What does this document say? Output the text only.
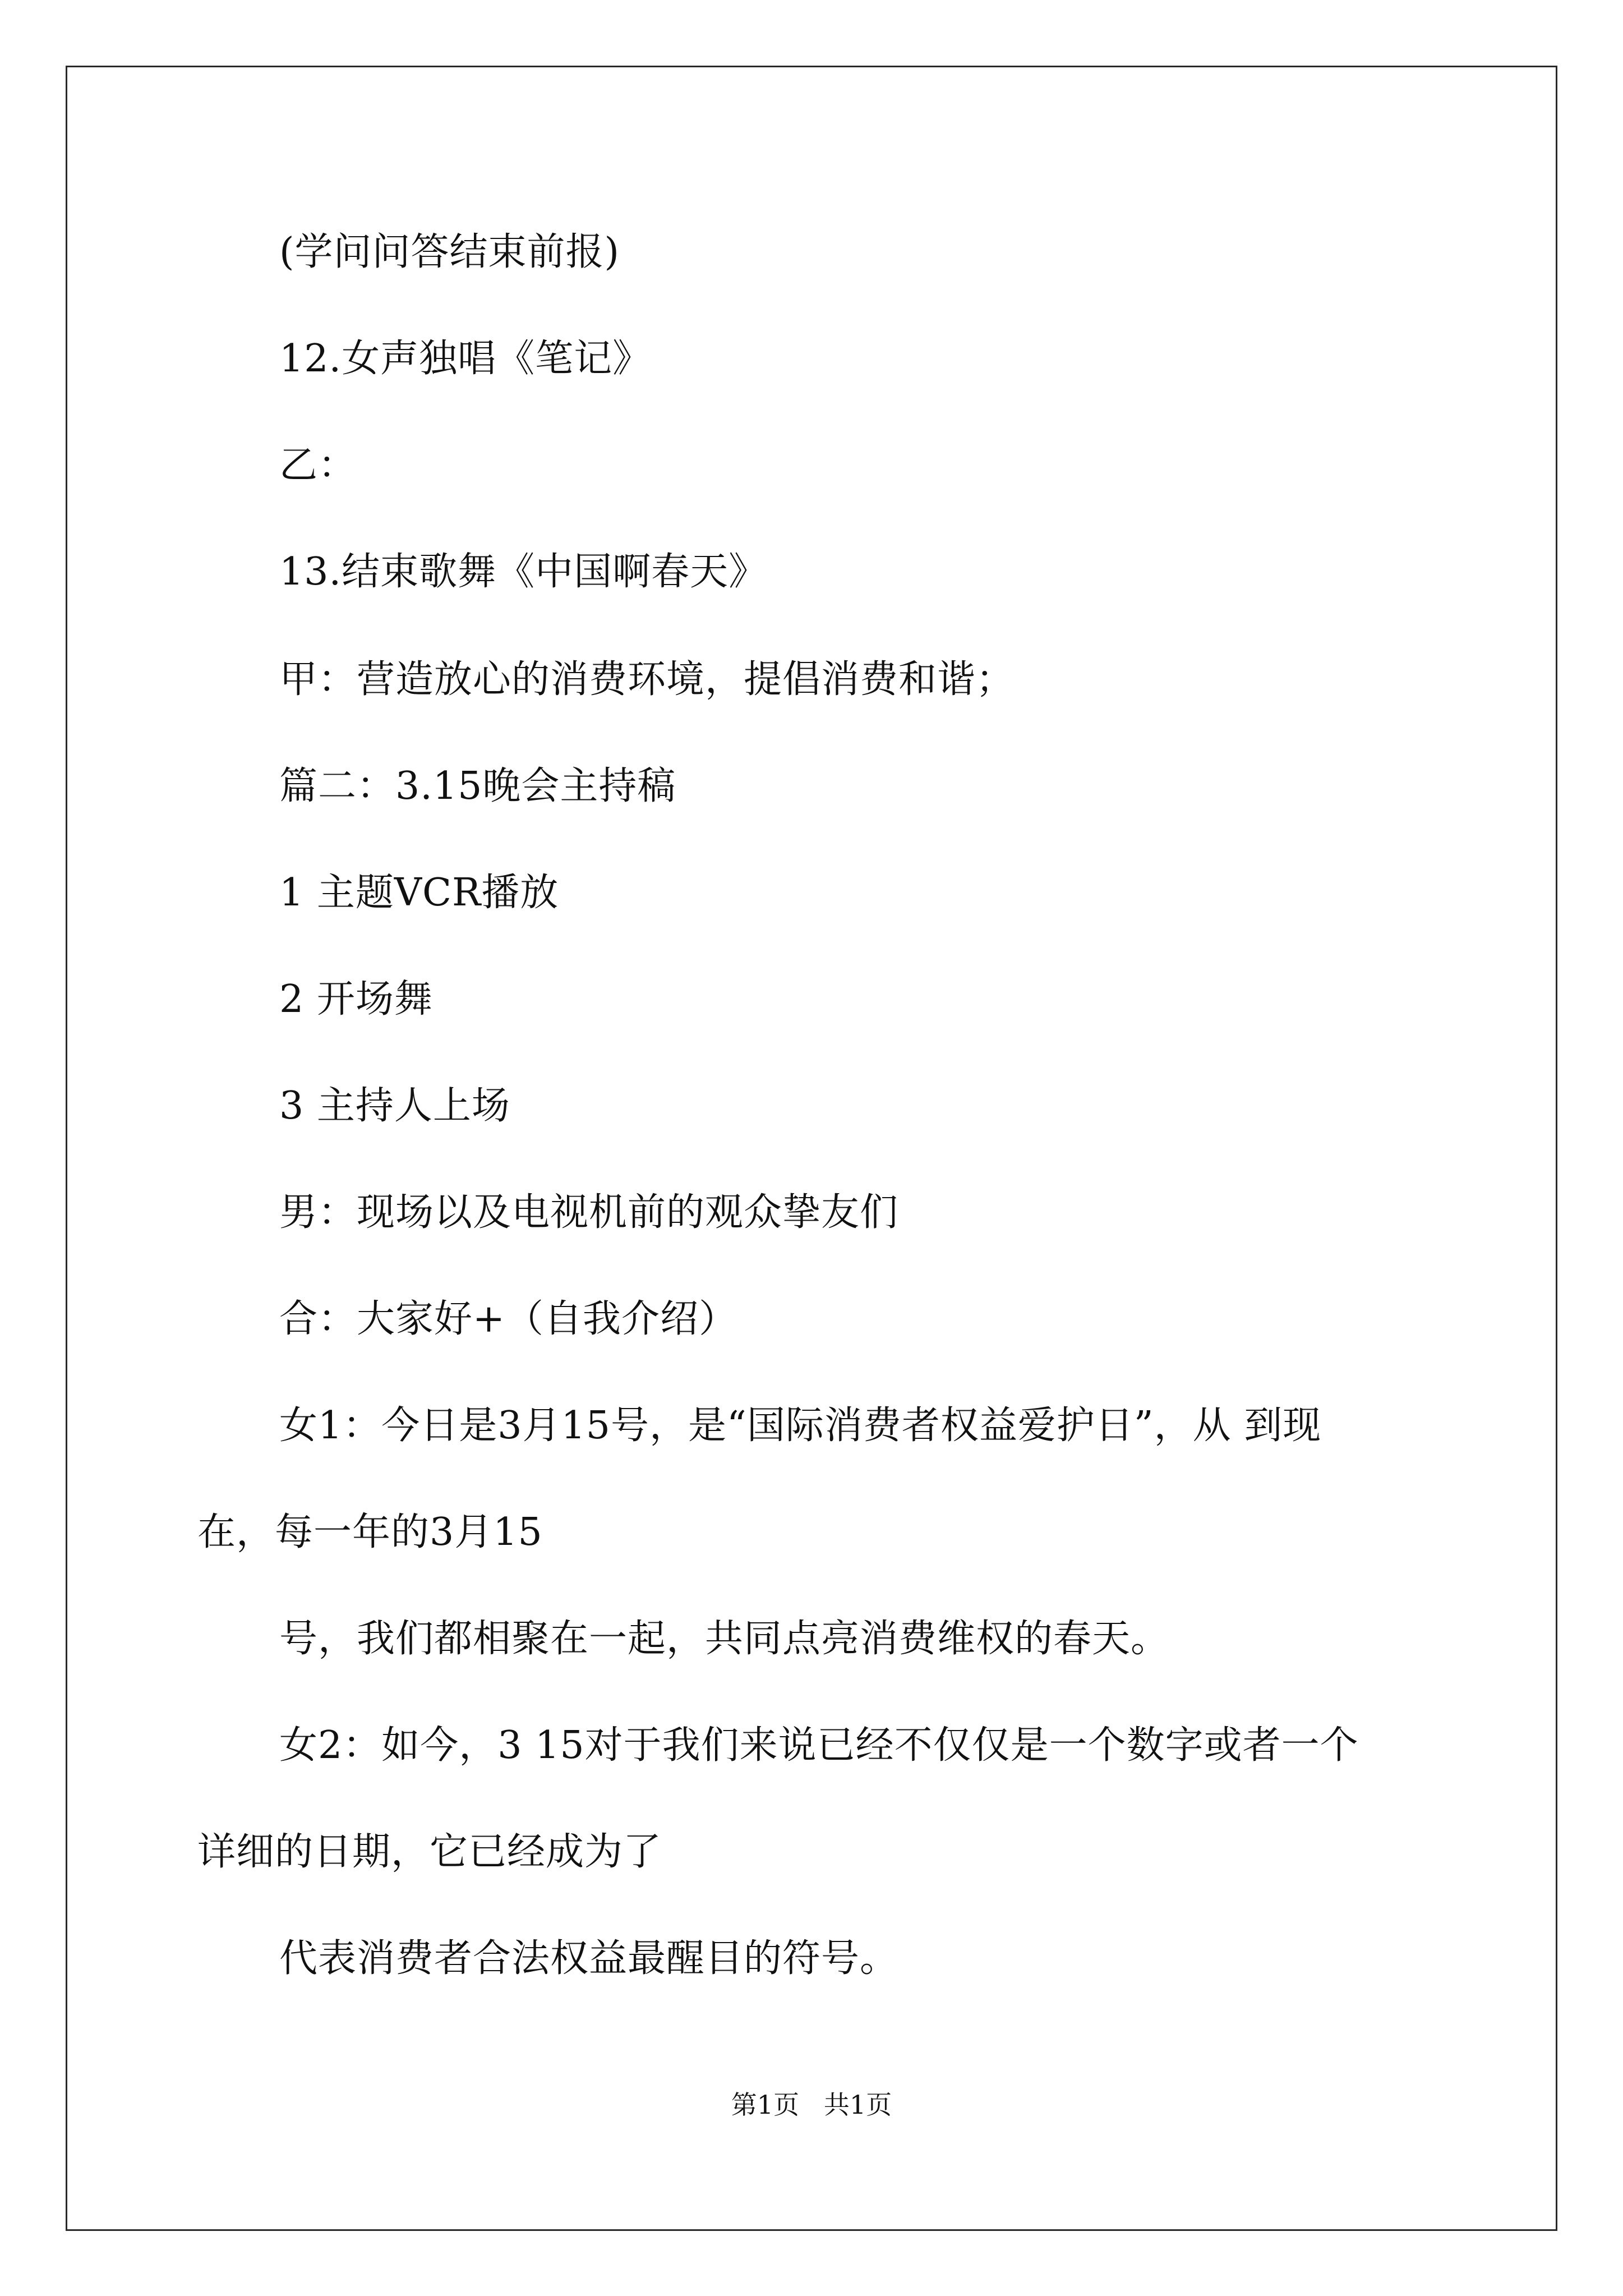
(学问问答结束前报)
12.女声独唱《笔记》
乙：
13.结束歌舞《中国啊春天》
甲：营造放心的消费环境，提倡消费和谐；
篇二：3.15晚会主持稿
1 主题VCR播放
2 开场舞
3 主持人上场
男：现场以及电视机前的观众挚友们
合：大家好+（自我介绍）
女1：今日是3月15号，是“国际消费者权益爱护日”，从 到现
在，每一年的3月15
号，我们都相聚在一起，共同点亮消费维权的春天。
女2：如今，3 15对于我们来说已经不仅仅是一个数字或者一个
详细的日期，它已经成为了
代表消费者合法权益最醒目的符号。
第1页   共1页
